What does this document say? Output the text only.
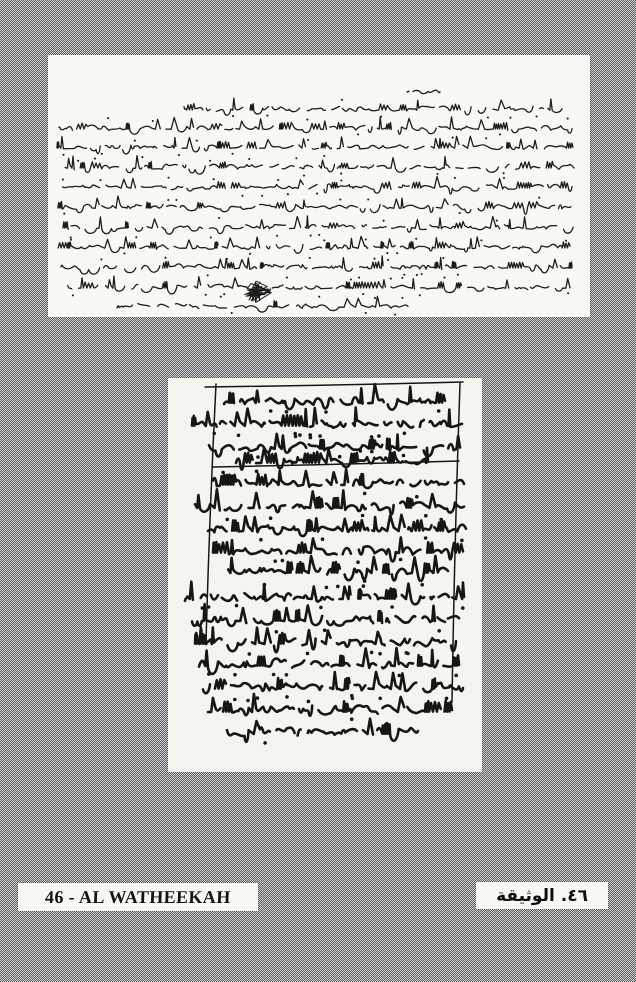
46 - AL WATHEEKAH	٤٦. الوثيقة
